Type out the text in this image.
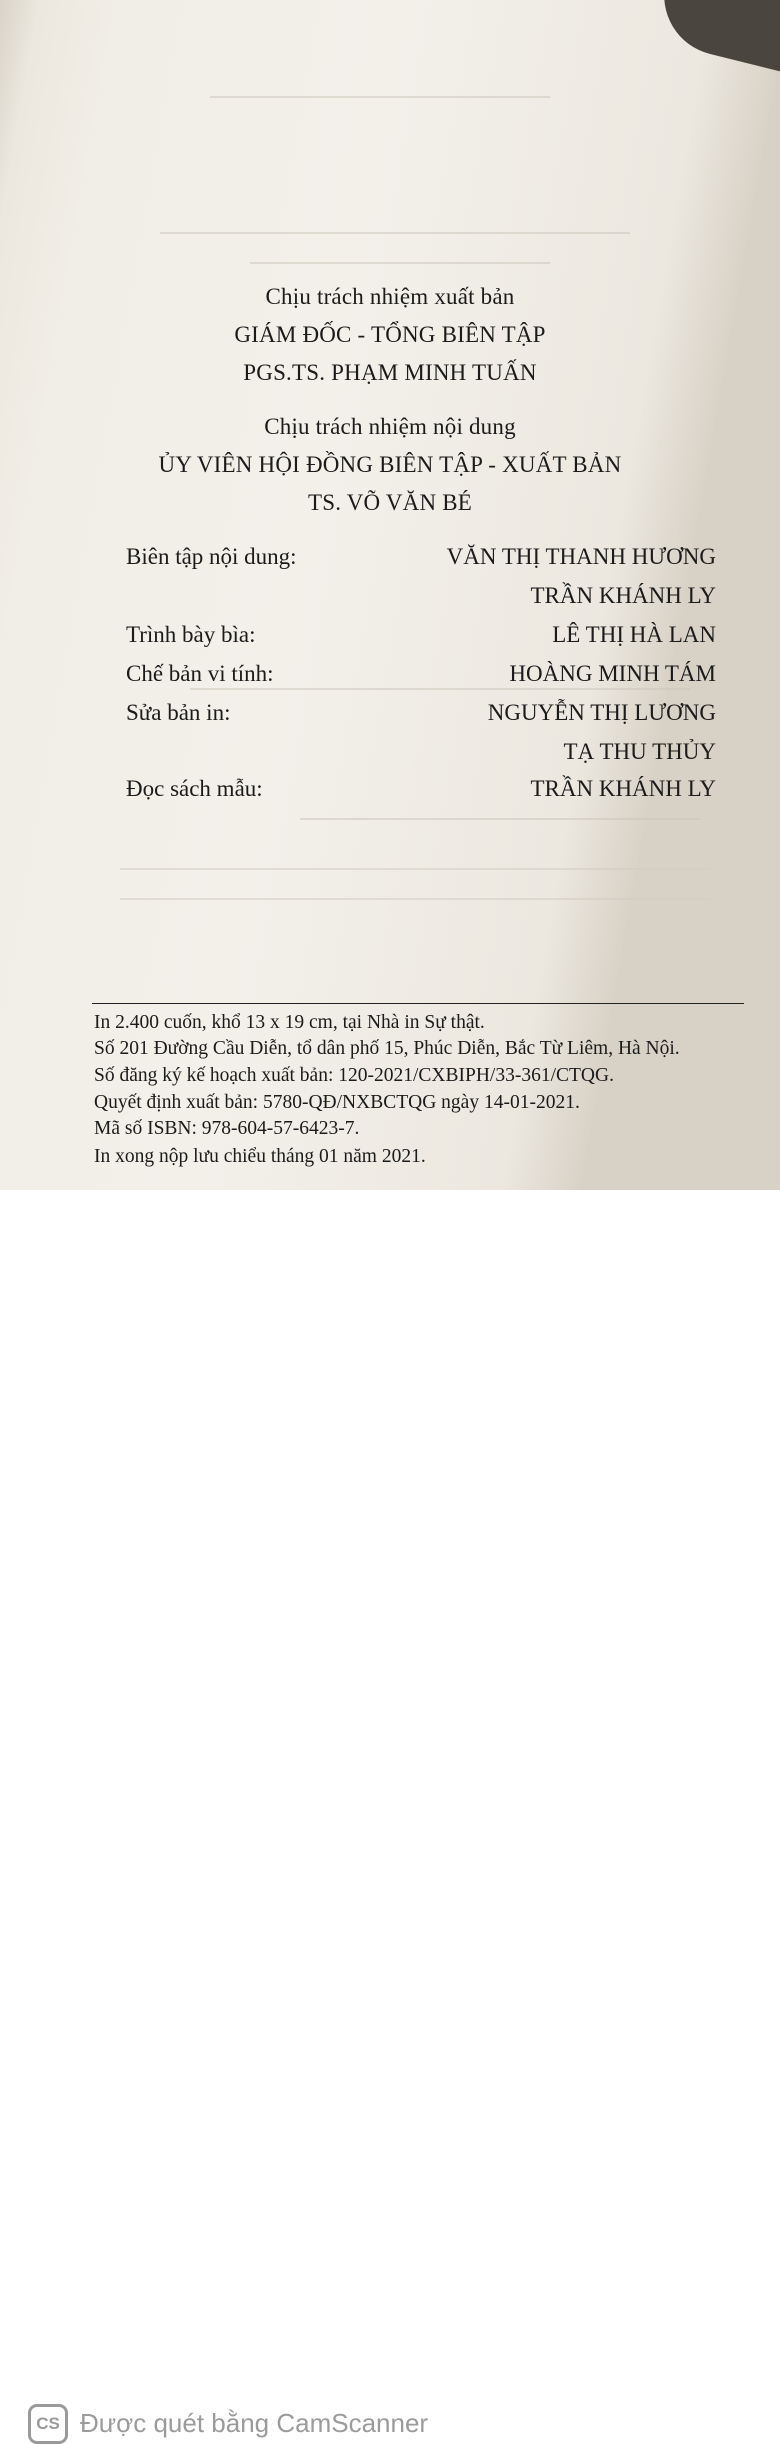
Chịu trách nhiệm xuất bản
GIÁM ĐỐC - TỔNG BIÊN TẬP
PGS.TS. PHẠM MINH TUẤN
Chịu trách nhiệm nội dung
ỦY VIÊN HỘI ĐỒNG BIÊN TẬP - XUẤT BẢN
TS. VÕ VĂN BÉ
Biên tập nội dung:	VĂN THỊ THANH HƯƠNG
TRẦN KHÁNH LY
Trình bày bìa:	LÊ THỊ HÀ LAN
Chế bản vi tính:	HOÀNG MINH TÁM
Sửa bản in:	NGUYỄN THỊ LƯƠNG
TẠ THU THỦY
Đọc sách mẫu:	TRẦN KHÁNH LY
In 2.400 cuốn, khổ 13 x 19 cm, tại Nhà in Sự thật.
Số 201 Đường Cầu Diễn, tổ dân phố 15, Phúc Diễn, Bắc Từ Liêm, Hà Nội.
Số đăng ký kế hoạch xuất bản: 120-2021/CXBIPH/33-361/CTQG.
Quyết định xuất bản: 5780-QĐ/NXBCTQG ngày 14-01-2021.
Mã số ISBN: 978-604-57-6423-7.
In xong nộp lưu chiểu tháng 01 năm 2021.
CS Được quét bằng CamScanner
